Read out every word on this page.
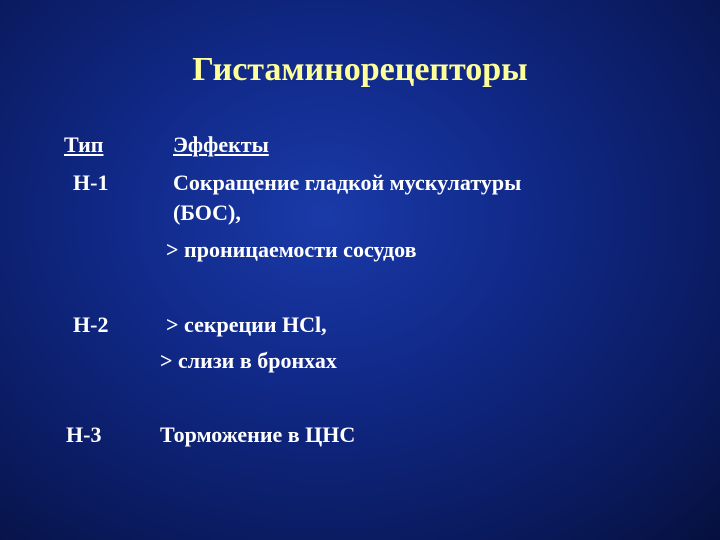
Гистаминорецепторы
Тип	Эффекты
H-1	Сокращение гладкой мускулатуры
(БОС),
> проницаемости сосудов
H-2	> секреции HCl,
> слизи в бронхах
H-3	Торможение в ЦНС
